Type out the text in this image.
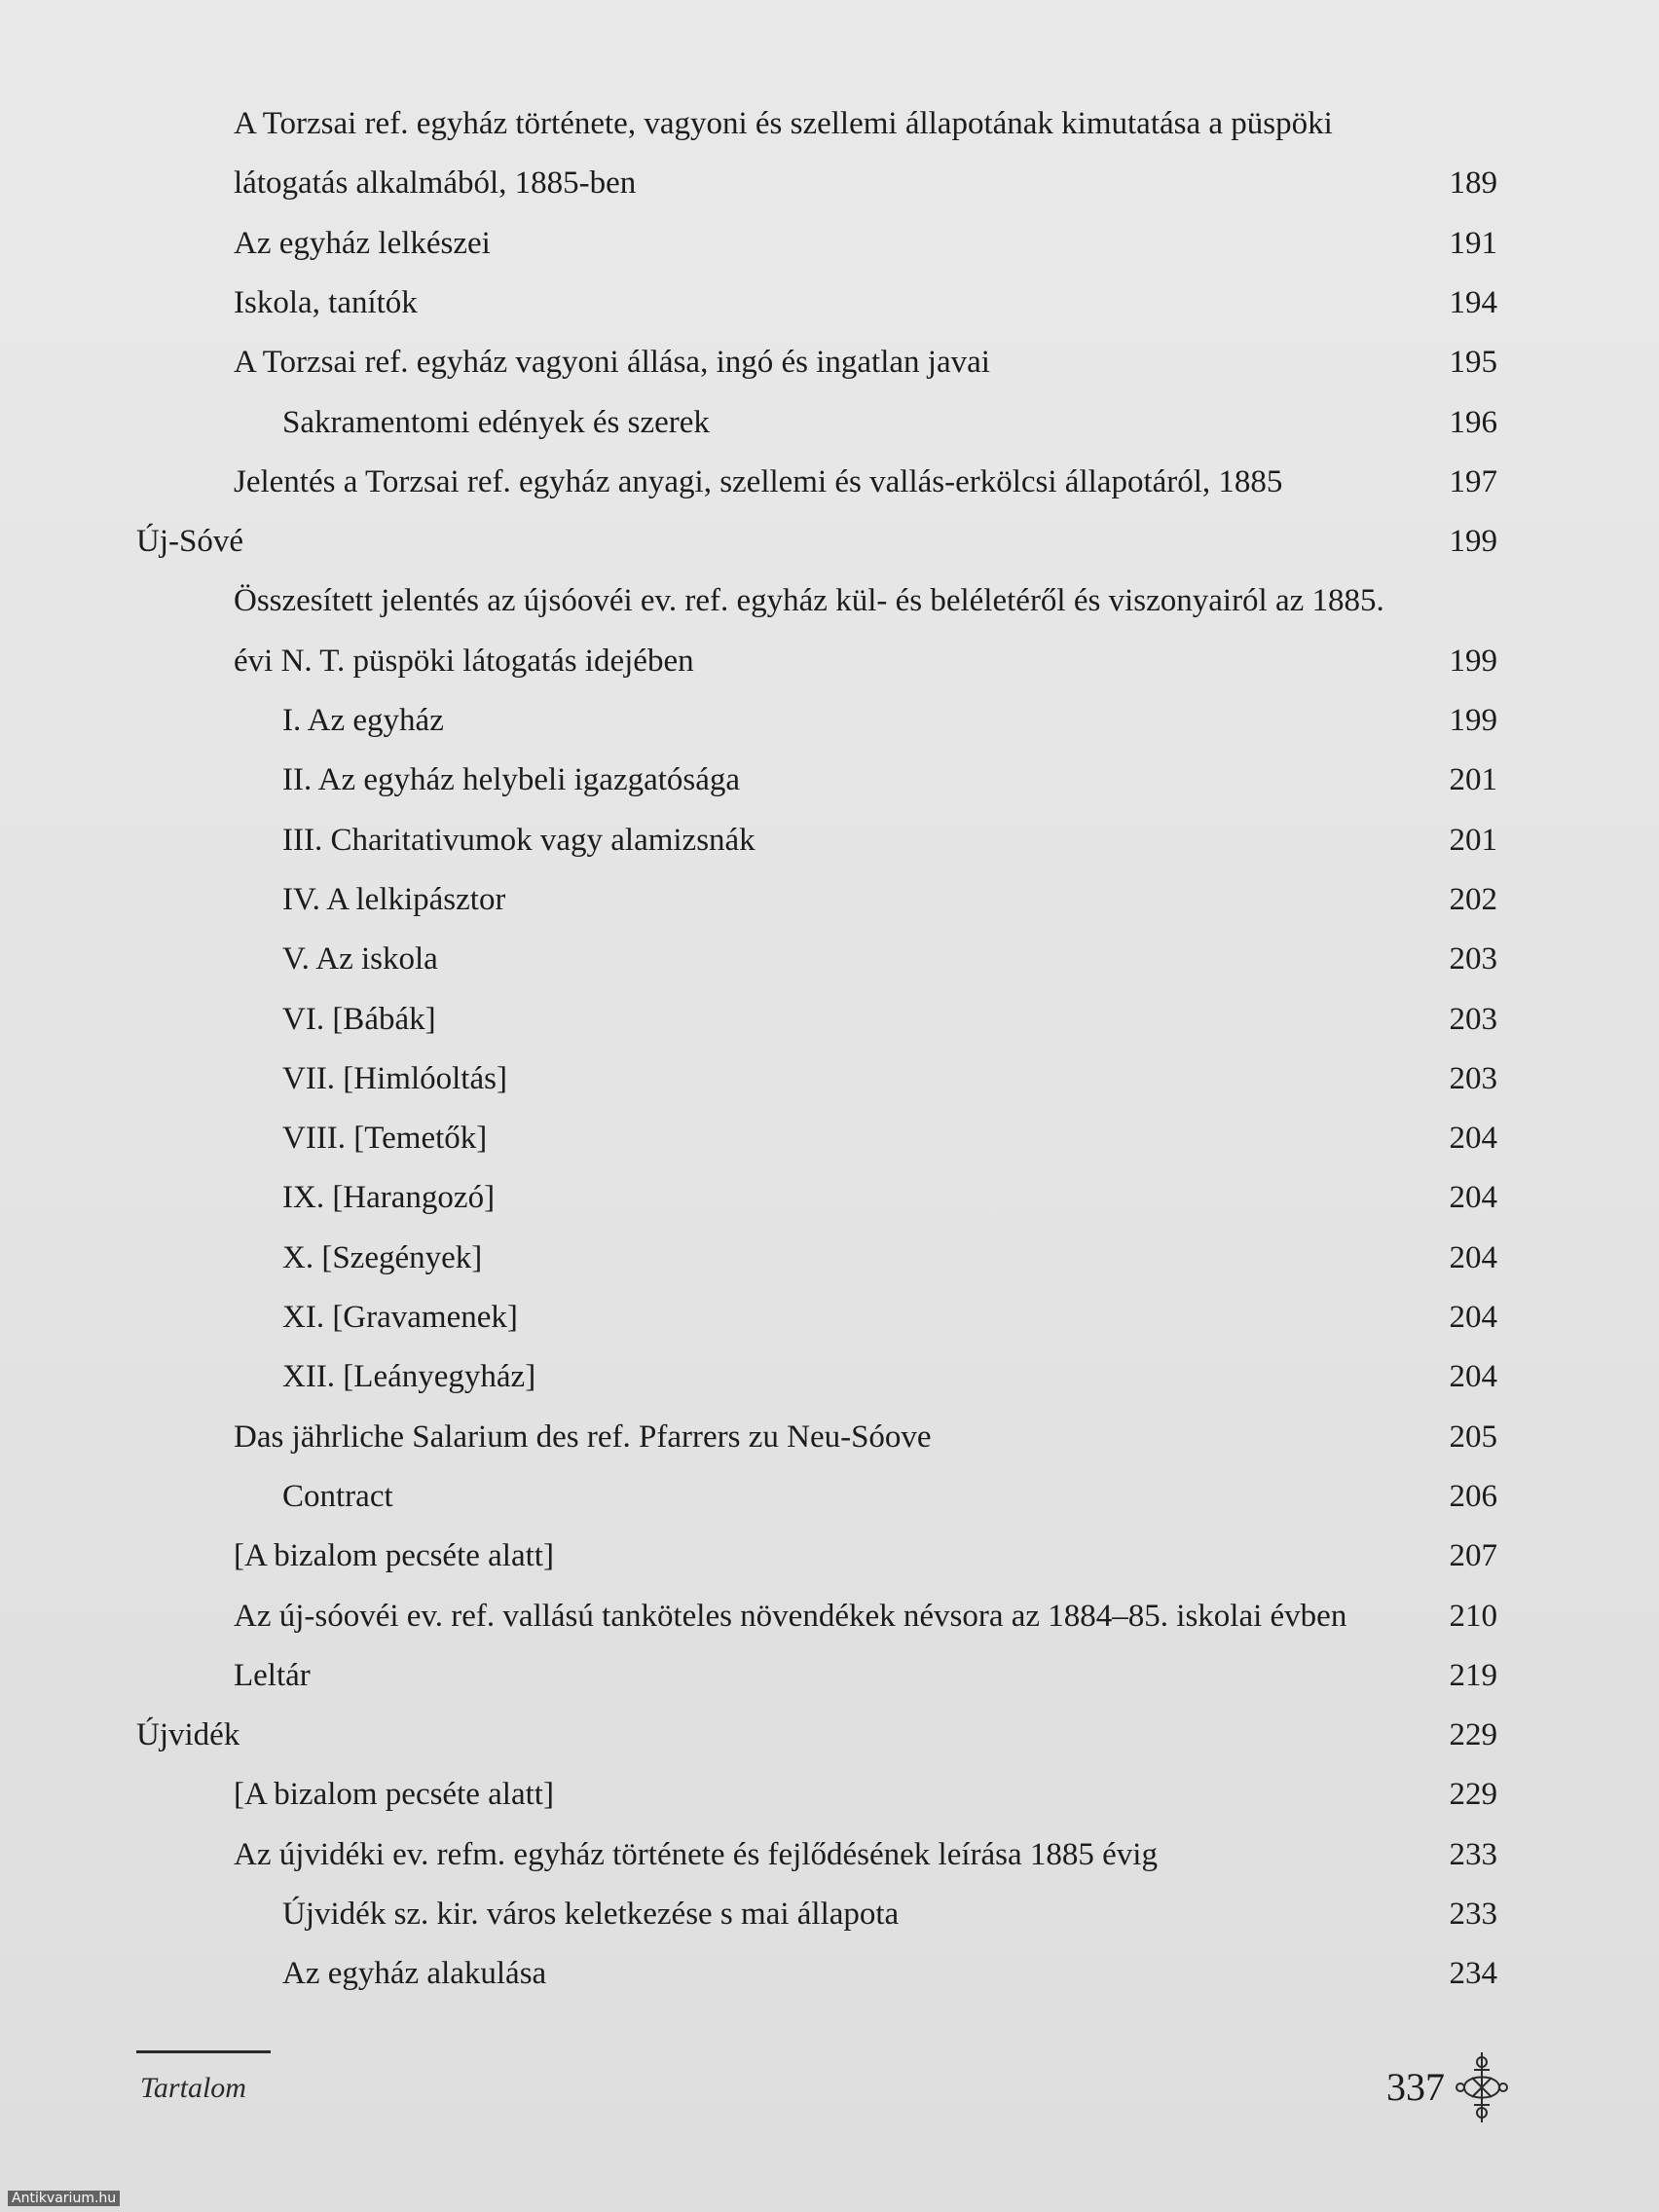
A Torzsai ref. egyház története, vagyoni és szellemi állapotának kimutatása a püspöki
látogatás alkalmából, 1885-ben	189
Az egyház lelkészei	191
Iskola, tanítók	194
A Torzsai ref. egyház vagyoni állása, ingó és ingatlan javai	195
Sakramentomi edények és szerek	196
Jelentés a Torzsai ref. egyház anyagi, szellemi és vallás-erkölcsi állapotáról, 1885	197
Új-Sóvé	199
Összesített jelentés az újsóovéi ev. ref. egyház kül- és beléletéről és viszonyairól az 1885.
évi N. T. püspöki látogatás idejében	199
I. Az egyház	199
II. Az egyház helybeli igazgatósága	201
III. Charitativumok vagy alamizsnák	201
IV. A lelkipásztor	202
V. Az iskola	203
VI. [Bábák]	203
VII. [Himlóoltás]	203
VIII. [Temetők]	204
IX. [Harangozó]	204
X. [Szegények]	204
XI. [Gravamenek]	204
XII. [Leányegyház]	204
Das jährliche Salarium des ref. Pfarrers zu Neu-Sóove	205
Contract	206
[A bizalom pecséte alatt]	207
Az új-sóovéi ev. ref. vallású tanköteles növendékek névsora az 1884–85. iskolai évben	210
Leltár	219
Újvidék	229
[A bizalom pecséte alatt]	229
Az újvidéki ev. refm. egyház története és fejlődésének leírása 1885 évig	233
Újvidék sz. kir. város keletkezése s mai állapota	233
Az egyház alakulása	234
Tartalom	337
Antikvarium.hu
